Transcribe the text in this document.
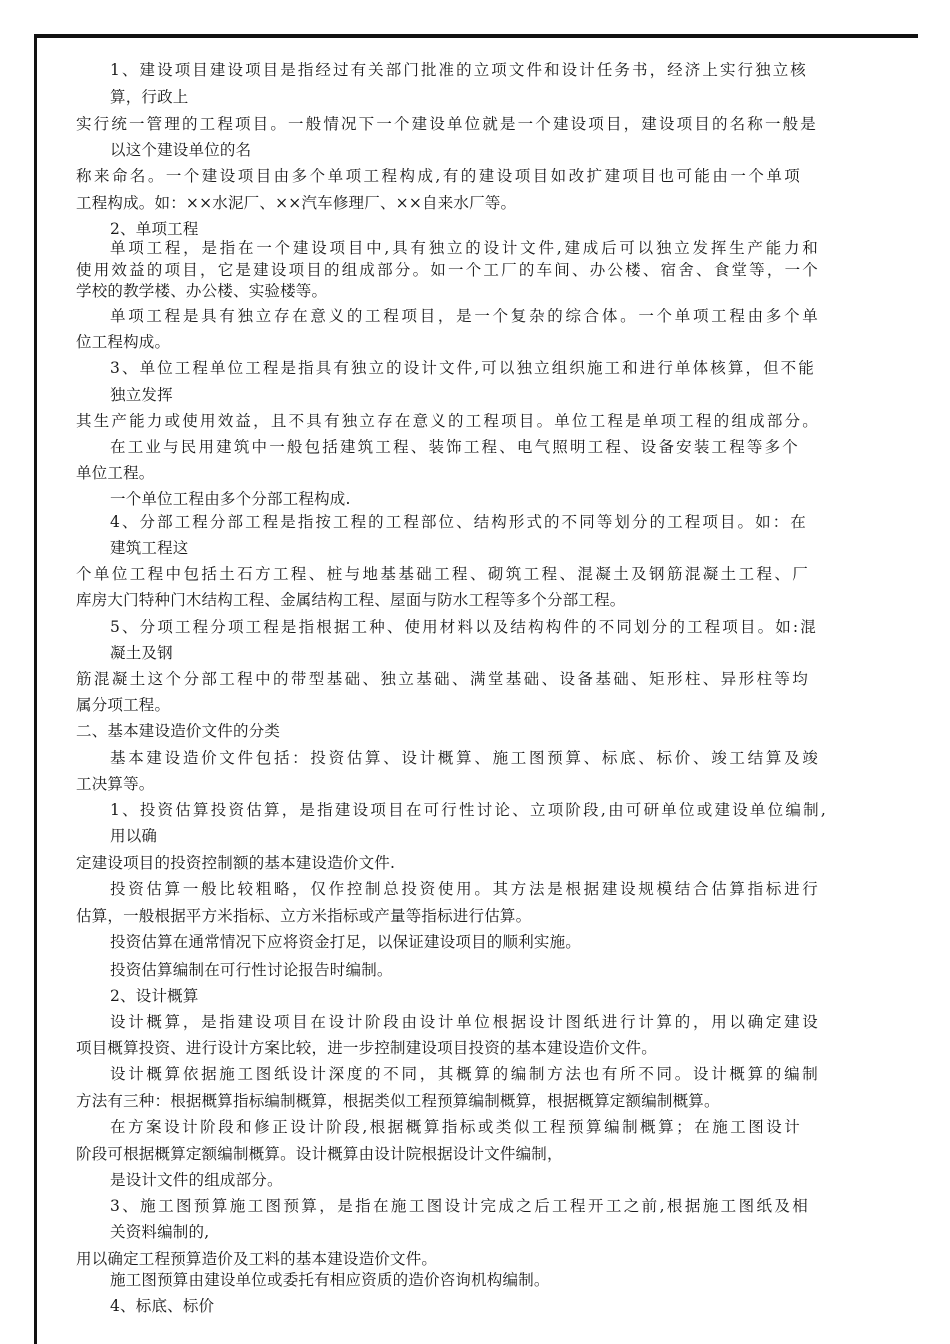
1、建设项目建设项目是指经过有关部门批准的立项文件和设计任务书，经济上实行独立核
算，行政上
实行统一管理的工程项目。一般情况下一个建设单位就是一个建设项目，建设项目的名称一般是
以这个建设单位的名
称来命名。一个建设项目由多个单项工程构成,有的建设项目如改扩建项目也可能由一个单项
工程构成。如：××水泥厂、××汽车修理厂、××自来水厂等。
2、单项工程
单项工程，是指在一个建设项目中,具有独立的设计文件,建成后可以独立发挥生产能力和
使用效益的项目，它是建设项目的组成部分。如一个工厂的车间、办公楼、宿舍、食堂等，一个
学校的教学楼、办公楼、实验楼等。
单项工程是具有独立存在意义的工程项目，是一个复杂的综合体。一个单项工程由多个单
位工程构成。
3、单位工程单位工程是指具有独立的设计文件,可以独立组织施工和进行单体核算，但不能
独立发挥
其生产能力或使用效益，且不具有独立存在意义的工程项目。单位工程是单项工程的组成部分。
在工业与民用建筑中一般包括建筑工程、装饰工程、电气照明工程、设备安装工程等多个
单位工程。
一个单位工程由多个分部工程构成.
4、分部工程分部工程是指按工程的工程部位、结构形式的不同等划分的工程项目。如：在
建筑工程这
个单位工程中包括土石方工程、桩与地基基础工程、砌筑工程、混凝土及钢筋混凝土工程、厂
库房大门特种门木结构工程、金属结构工程、屋面与防水工程等多个分部工程。
5、分项工程分项工程是指根据工种、使用材料以及结构构件的不同划分的工程项目。如:混
凝土及钢
筋混凝土这个分部工程中的带型基础、独立基础、满堂基础、设备基础、矩形柱、异形柱等均
属分项工程。
二、基本建设造价文件的分类
基本建设造价文件包括：投资估算、设计概算、施工图预算、标底、标价、竣工结算及竣
工决算等。
1、投资估算投资估算，是指建设项目在可行性讨论、立项阶段,由可研单位或建设单位编制,
用以确
定建设项目的投资控制额的基本建设造价文件.
投资估算一般比较粗略，仅作控制总投资使用。其方法是根据建设规模结合估算指标进行
估算，一般根据平方米指标、立方米指标或产量等指标进行估算。
投资估算在通常情况下应将资金打足，以保证建设项目的顺利实施。
投资估算编制在可行性讨论报告时编制。
2、设计概算
设计概算，是指建设项目在设计阶段由设计单位根据设计图纸进行计算的，用以确定建设
项目概算投资、进行设计方案比较，进一步控制建设项目投资的基本建设造价文件。
设计概算依据施工图纸设计深度的不同，其概算的编制方法也有所不同。设计概算的编制
方法有三种：根据概算指标编制概算，根据类似工程预算编制概算，根据概算定额编制概算。
在方案设计阶段和修正设计阶段,根据概算指标或类似工程预算编制概算；在施工图设计
阶段可根据概算定额编制概算。设计概算由设计院根据设计文件编制，
是设计文件的组成部分。
3、施工图预算施工图预算，是指在施工图设计完成之后工程开工之前,根据施工图纸及相
关资料编制的,
用以确定工程预算造价及工料的基本建设造价文件。
施工图预算由建设单位或委托有相应资质的造价咨询机构编制。
4、标底、标价
